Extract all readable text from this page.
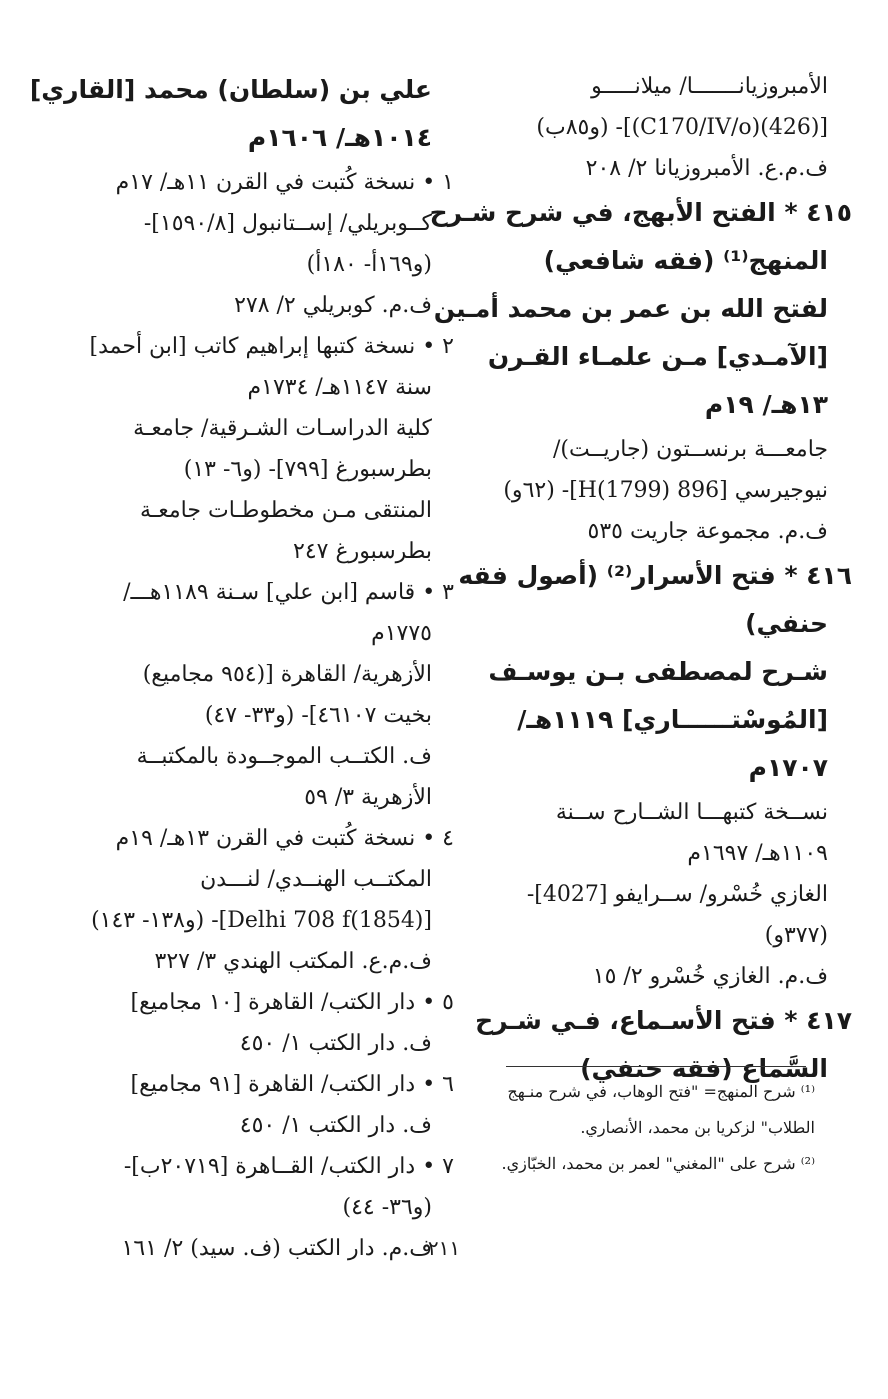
الأمبروزيانـــــــا/ ميلانـــــو
[(426)(C170/IV/o)]- (و٨٥ب)
ف.م.ع. الأمبروزيانا ٢/ ٢٠٨
٤١٥ * الفتح الأبهج، في شرح شـرح
المنهج⁽¹⁾ (فقه شافعي)
لفتح الله بن عمر بن محمد أمـين
[الآمـدي] مـن علمـاء القـرن
١٣هـ/ ١٩م
جامعـــة برنســتون (جاريــت)/
نيوجيرسي [896 H(1799)]- (٦٢و)
ف.م. مجموعة جاريت ٥٣٥
٤١٦ * فتح الأسرار⁽²⁾ (أصول فقه
حنفي)
شـرح لمصطفى بـن يوسـف
[المُوسْتــــــاري] ١١١٩هـ/
١٧٠٧م
نســخة كتبهـــا الشــارح ســنة
١١٠٩هـ/ ١٦٩٧م
الغازي خُسْرو/ ســرايفو [4027]-
(٣٧٧و)
ف.م. الغازي خُسْرو ٢/ ١٥
٤١٧ * فتح الأسـماع، فـي شـرح
السَّماع (فقه حنفي)
علي بن (سلطان) محمد [القاري]
١٠١٤هـ/ ١٦٠٦م
١ • نسخة كُتبت في القرن ١١هـ/ ١٧م
كــوبريلي/ إســتانبول [١٥٩٠/٨]-
(و١٦٩أ- ١٨٠أ)
ف.م. كوبريلي ٢/ ٢٧٨
٢ • نسخة كتبها إبراهيم كاتب [ابن أحمد]
سنة ١١٤٧هـ/ ١٧٣٤م
كلية الدراسـات الشـرقية/ جامعـة
بطرسبورغ [٧٩٩]- (و٦- ١٣)
المنتقى مـن مخطوطـات جامعـة
بطرسبورغ ٢٤٧
٣ • قاسم [ابن علي] سـنة ١١٨٩هـــ/
١٧٧٥م
الأزهرية/ القاهرة [(٩٥٤ مجاميع)
بخيت ٤٦١٠٧]- (و٣٣- ٤٧)
ف. الكتــب الموجــودة بالمكتبــة
الأزهرية ٣/ ٥٩
٤ • نسخة كُتبت في القرن ١٣هـ/ ١٩م
المكتــب الهنــدي/ لنـــدن
[Delhi 708 f(1854)]- (و١٣٨- ١٤٣)
ف.م.ع. المكتب الهندي ٣/ ٣٢٧
٥ • دار الكتب/ القاهرة [١٠ مجاميع]
ف. دار الكتب ١/ ٤٥٠
٦ • دار الكتب/ القاهرة [٩١ مجاميع]
ف. دار الكتب ١/ ٤٥٠
٧ • دار الكتب/ القــاهرة [٢٠٧١٩ب]-
(و٣٦- ٤٤)
ف.م. دار الكتب (ف. سيد) ٢/ ١٦١
⁽¹⁾ شرح المنهج= "فتح الوهاب، في شرح منـهج الطلاب" لزكريا بن محمد، الأنصاري.
⁽²⁾ شرح على "المغني" لعمر بن محمد، الخبّازي.
٢١١
